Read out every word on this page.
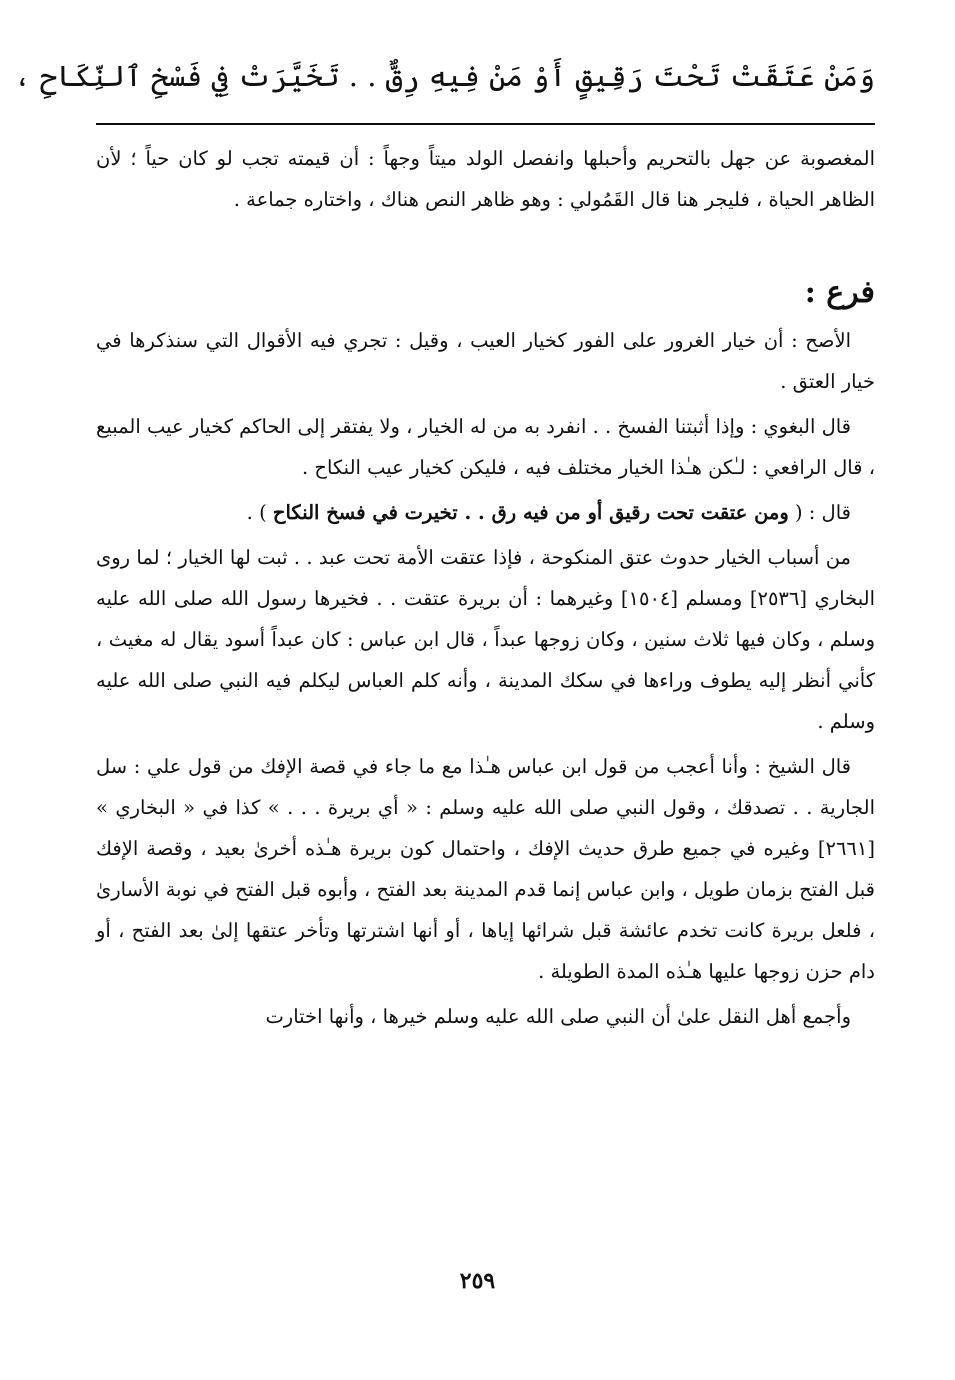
وَمَنْ عَتَقَتْ تَحْتَ رَقِيقٍ أَوْ مَنْ فِيهِ رِقٌّ . . تَخَيَّرَتْ فِي فَسْخِ ٱلنِّكَاحِ ،

المغصوبة عن جهل بالتحريم وأحبلها وانفصل الولد ميتاً وجهاً : أن قيمته تجب لو كان حياً ؛ لأن الظاهر الحياة ، فليجر هنا قال القَمُولي : وهو ظاهر النص هناك ، واختاره جماعة .

فرع :

الأصح : أن خيار الغرور على الفور كخيار العيب ، وقيل : تجري فيه الأقوال التي سنذكرها في خيار العتق .

قال البغوي : وإذا أثبتنا الفسخ . . انفرد به من له الخيار ، ولا يفتقر إلى الحاكم كخيار عيب المبيع ، قال الرافعي : لـٰكن هـٰذا الخيار مختلف فيه ، فليكن كخيار عيب النكاح .

قال : ( ومن عتقت تحت رقيق أو من فيه رق . . تخيرت في فسخ النكاح ) .

من أسباب الخيار حدوث عتق المنكوحة ، فإذا عتقت الأمة تحت عبد . . ثبت لها الخيار ؛ لما روى البخاري [٢٥٣٦] ومسلم [١٥٠٤] وغيرهما : أن بريرة عتقت . . فخيرها رسول الله صلى الله عليه وسلم ، وكان فيها ثلاث سنين ، وكان زوجها عبداً ، قال ابن عباس : كان عبداً أسود يقال له مغيث ، كأني أنظر إليه يطوف وراءها في سكك المدينة ، وأنه كلم العباس ليكلم فيه النبي صلى الله عليه وسلم .

قال الشيخ : وأنا أعجب من قول ابن عباس هـٰذا مع ما جاء في قصة الإفك من قول علي : سل الجارية . . تصدقك ، وقول النبي صلى الله عليه وسلم : « أي بريرة . . . » كذا في « البخاري » [٢٦٦١] وغيره في جميع طرق حديث الإفك ، واحتمال كون بريرة هـٰذه أخرىٰ بعيد ، وقصة الإفك قبل الفتح بزمان طويل ، وابن عباس إنما قدم المدينة بعد الفتح ، وأبوه قبل الفتح في نوبة الأسارىٰ ، فلعل بريرة كانت تخدم عائشة قبل شرائها إياها ، أو أنها اشترتها وتأخر عتقها إلىٰ بعد الفتح ، أو دام حزن زوجها عليها هـٰذه المدة الطويلة .

وأجمع أهل النقل علىٰ أن النبي صلى الله عليه وسلم خيرها ، وأنها اختارت

٢٥٩
